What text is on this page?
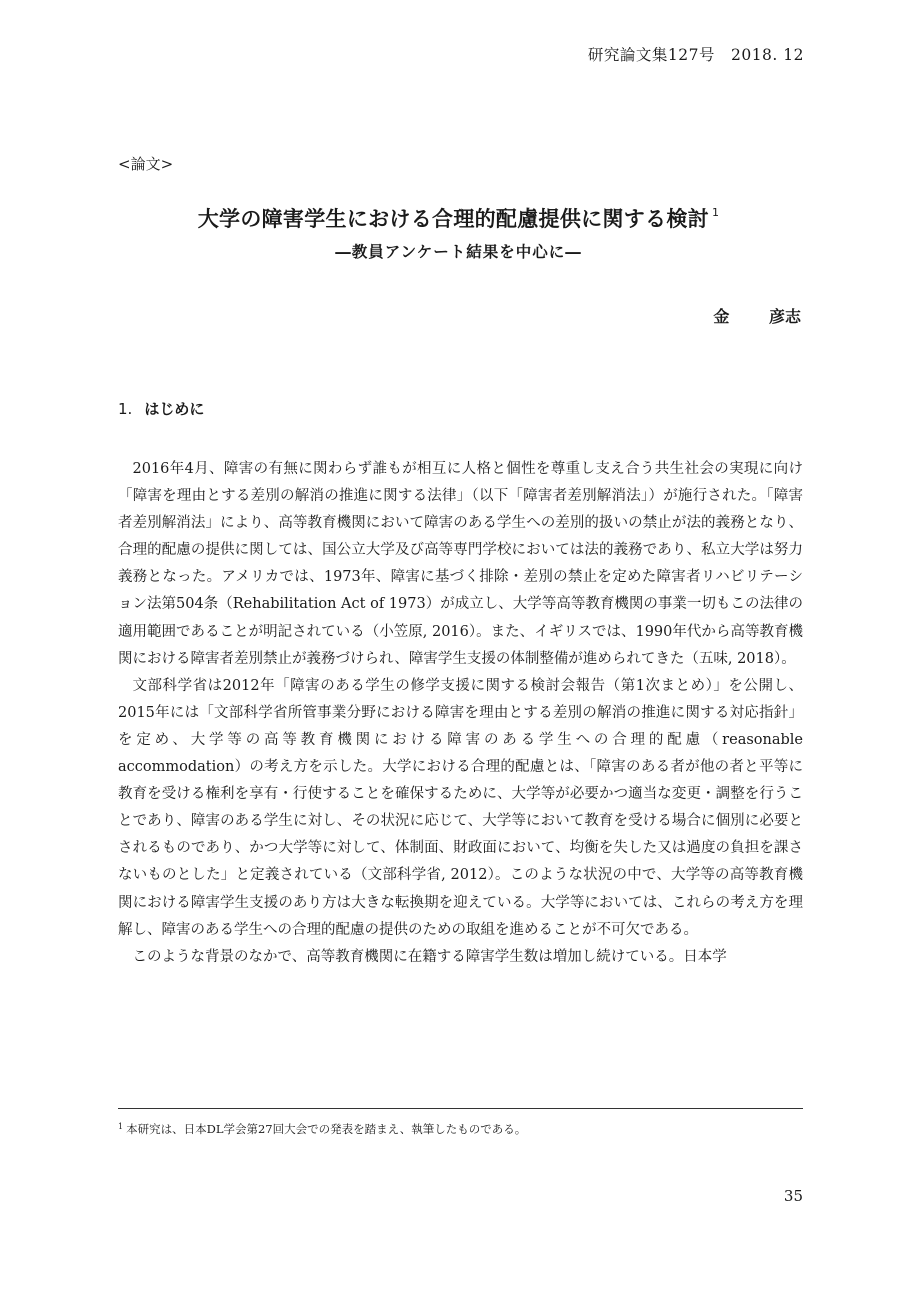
研究論文集127号　2018. 12
<論文>
大学の障害学生における合理的配慮提供に関する検討 $^1$
―教員アンケート結果を中心に―
金 彦志
1. はじめに

2016年4月、障害の有無に関わらず誰もが相互に人格と個性を尊重し支え合う共生社会の実現に向け「障害を理由とする差別の解消の推進に関する法律」（以下「障害者差別解消法」）が施行された。「障害者差別解消法」により、高等教育機関において障害のある学生への差別的扱いの禁止が法的義務となり、合理的配慮の提供に関しては、国公立大学及び高等専門学校においては法的義務であり、私立大学は努力義務となった。アメリカでは、1973年、障害に基づく排除・差別の禁止を定めた障害者リハビリテーション法第504条（Rehabilitation Act of 1973）が成立し、大学等高等教育機関の事業一切もこの法律の適用範囲であることが明記されている（小笠原, 2016）。また、イギリスでは、1990年代から高等教育機関における障害者差別禁止が義務づけられ、障害学生支援の体制整備が進められてきた（五味, 2018）。

文部科学省は2012年「障害のある学生の修学支援に関する検討会報告（第1次まとめ）」を公開し、2015年には「文部科学省所管事業分野における障害を理由とする差別の解消の推進に関する対応指針」を定め、大学等の高等教育機関における障害のある学生への合理的配慮（reasonable accommodation）の考え方を示した。大学における合理的配慮とは、「障害のある者が他の者と平等に教育を受ける権利を享有・行使することを確保するために、大学等が必要かつ適当な変更・調整を行うことであり、障害のある学生に対し、その状況に応じて、大学等において教育を受ける場合に個別に必要とされるものであり、かつ大学等に対して、体制面、財政面において、均衡を失した又は過度の負担を課さないものとした」と定義されている（文部科学省, 2012）。このような状況の中で、大学等の高等教育機関における障害学生支援のあり方は大きな転換期を迎えている。大学等においては、これらの考え方を理解し、障害のある学生への合理的配慮の提供のための取組を進めることが不可欠である。

このような背景のなかで、高等教育機関に在籍する障害学生数は増加し続けている。日本学

$^1$ 本研究は、日本DL学会第27回大会での発表を踏まえ、執筆したものである。
35
